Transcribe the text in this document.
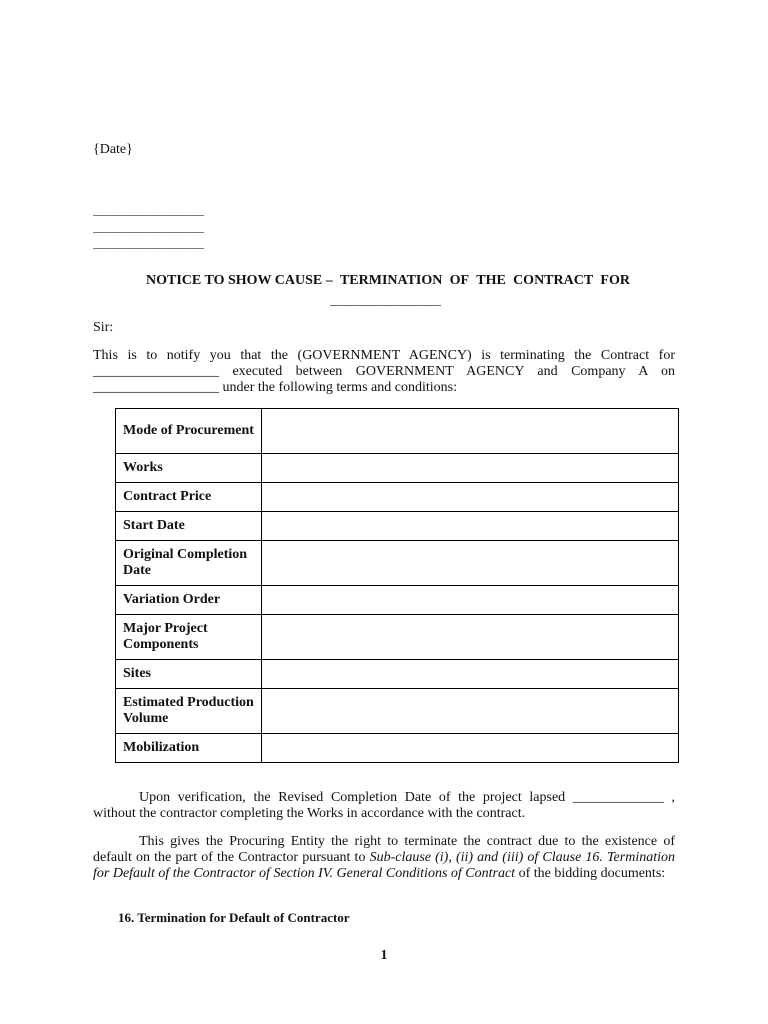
{Date}
______________________
______________________
______________________
NOTICE TO SHOW CAUSE – TERMINATION OF THE CONTRACT FOR
______________________
Sir:
This is to notify you that the (GOVERNMENT AGENCY) is terminating the Contract for __________________ executed between GOVERNMENT AGENCY and Company A on __________________ under the following terms and conditions:
Mode of Procurement	
Works	
Contract Price	
Start Date	
Original Completion Date	
Variation Order	
Major Project Components	
Sites	
Estimated Production Volume	
Mobilization	
Upon verification, the Revised Completion Date of the project lapsed _____________ , without the contractor completing the Works in accordance with the contract.
This gives the Procuring Entity the right to terminate the contract due to the existence of default on the part of the Contractor pursuant to Sub-clause (i), (ii) and (iii) of Clause 16. Termination for Default of the Contractor of Section IV. General Conditions of Contract of the bidding documents:
16. Termination for Default of Contractor
1
